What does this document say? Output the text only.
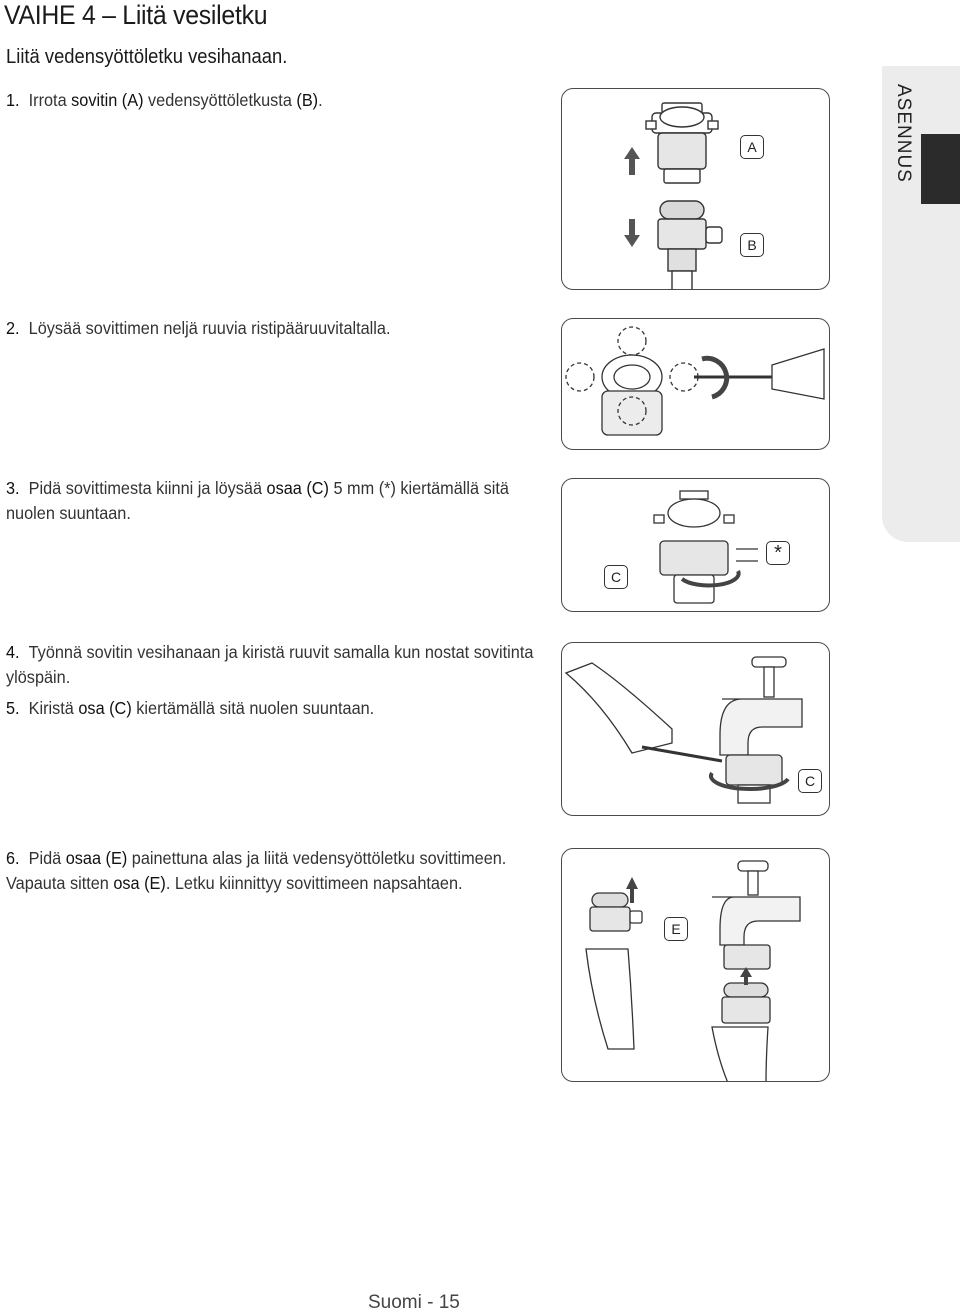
VAIHE 4 – Liitä vesiletku
Liitä vedensyöttöletku vesihanaan.
ASENNUS
1. Irrota sovitin (A) vedensyöttöletkusta (B).
A
B
2. Löysää sovittimen neljä ruuvia ristipääruuvitaltalla.
3. Pidä sovittimesta kiinni ja löysää osaa (C) 5 mm (*) kiertämällä sitä
nuolen suuntaan.
C
*
4. Työnnä sovitin vesihanaan ja kiristä ruuvit samalla kun nostat sovitinta
ylöspäin.
5. Kiristä osa (C) kiertämällä sitä nuolen suuntaan.
C
6. Pidä osaa (E) painettuna alas ja liitä vedensyöttöletku sovittimeen.
Vapauta sitten osa (E). Letku kiinnittyy sovittimeen napsahtaen.
E
Suomi - 15
